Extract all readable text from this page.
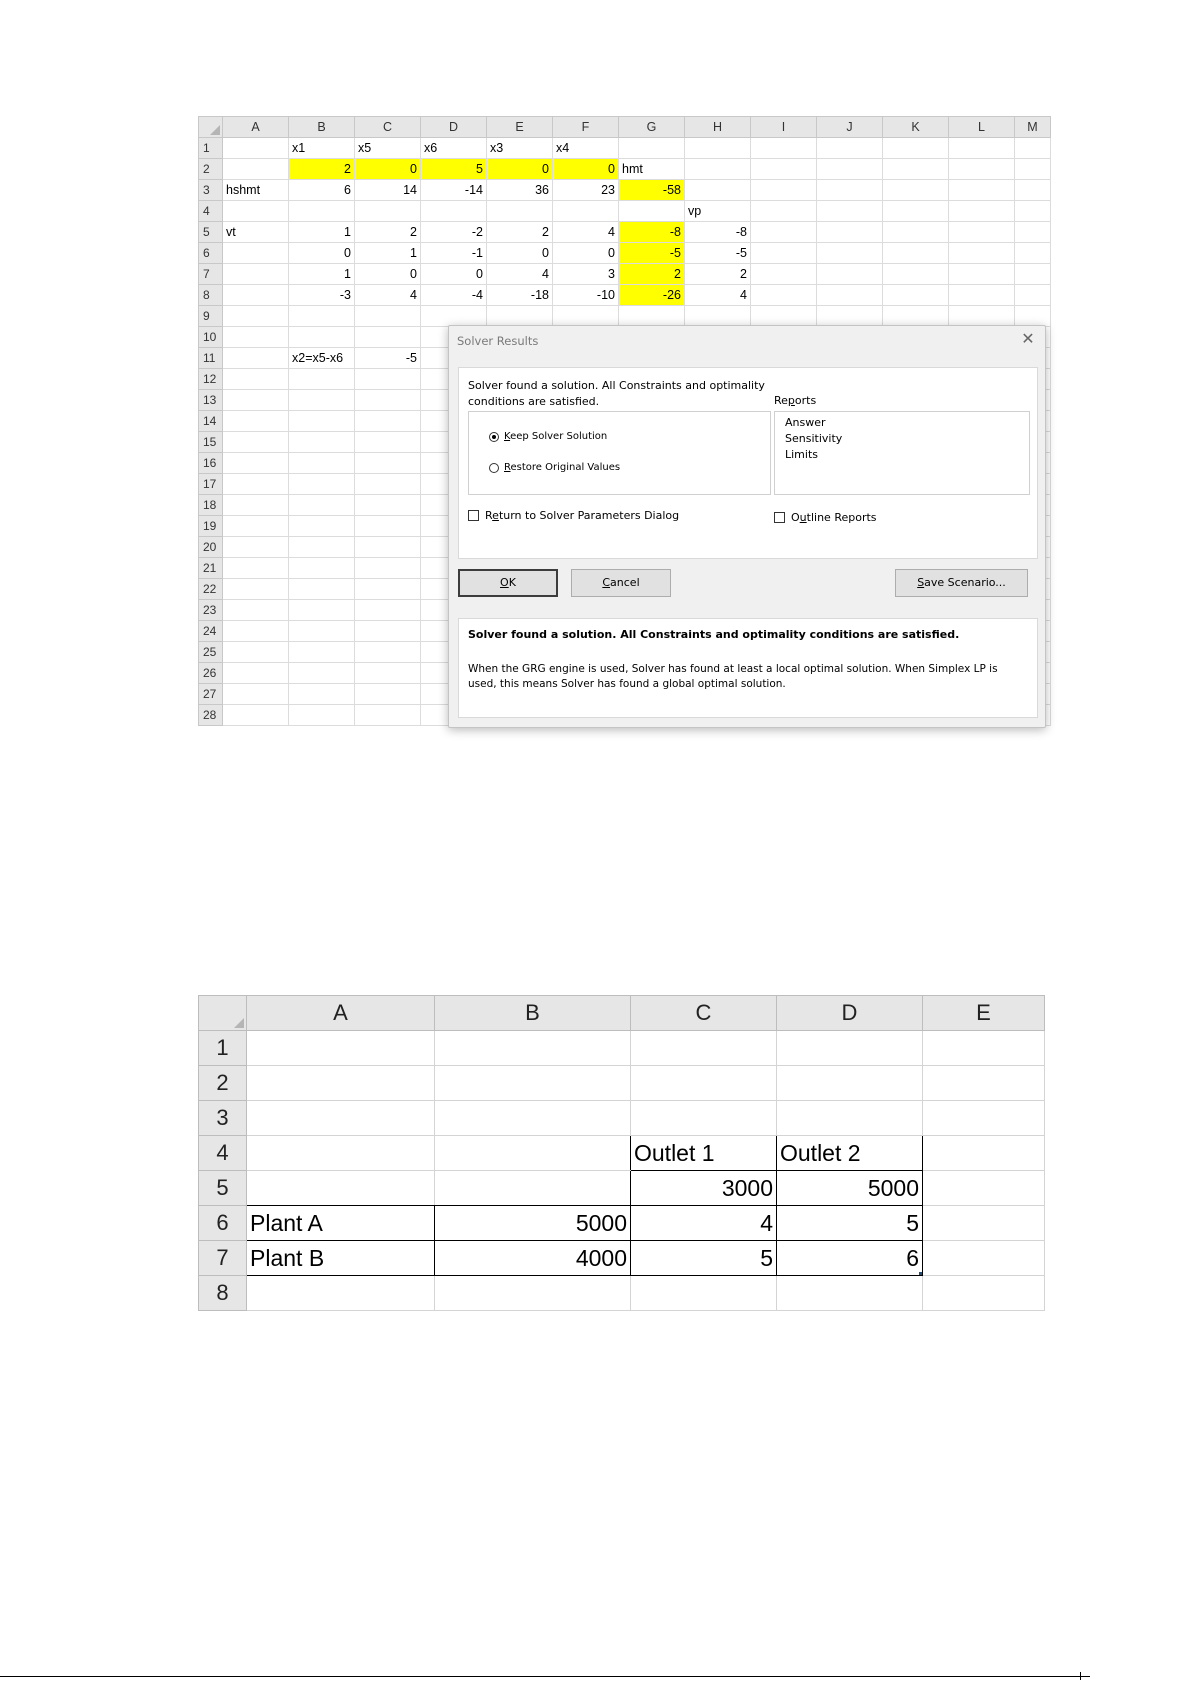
	A	B	C	D	E	F	G	H	I	J	K	L	M
1		x1	x5	x6	x3	x4							
2		2	0	5	0	0	hmt						
3	hshmt	6	14	-14	36	23	-58						
4								vp					
5	vt	1	2	-2	2	4	-8	-8					
6		0	1	-1	0	0	-5	-5					
7		1	0	0	4	3	2	2					
8		-3	4	-4	-18	-10	-26	4					
9													
10													
11		x2=x5-x6	-5										
12													
13													
14													
15													
16													
17													
18													
19													
20													
21													
22													
23													
24													
25													
26													
27													
28													
Solver Results	✕
Solver found a solution. All Constraints and optimality conditions are satisfied.
Keep Solver Solution
Restore Original Values
Reports
Answer
Sensitivity
Limits
Return to Solver Parameters Dialog	Outline Reports
OK	Cancel	Save Scenario...
Solver found a solution. All Constraints and optimality conditions are satisfied.
When the GRG engine is used, Solver has found at least a local optimal solution. When Simplex LP is used, this means Solver has found a global optimal solution.
	A	B	C	D	E
1					
2					
3					
4			Outlet 1	Outlet 2	
5			3000	5000	
6	Plant A	5000	4	5	
7	Plant B	4000	5	6

8					
